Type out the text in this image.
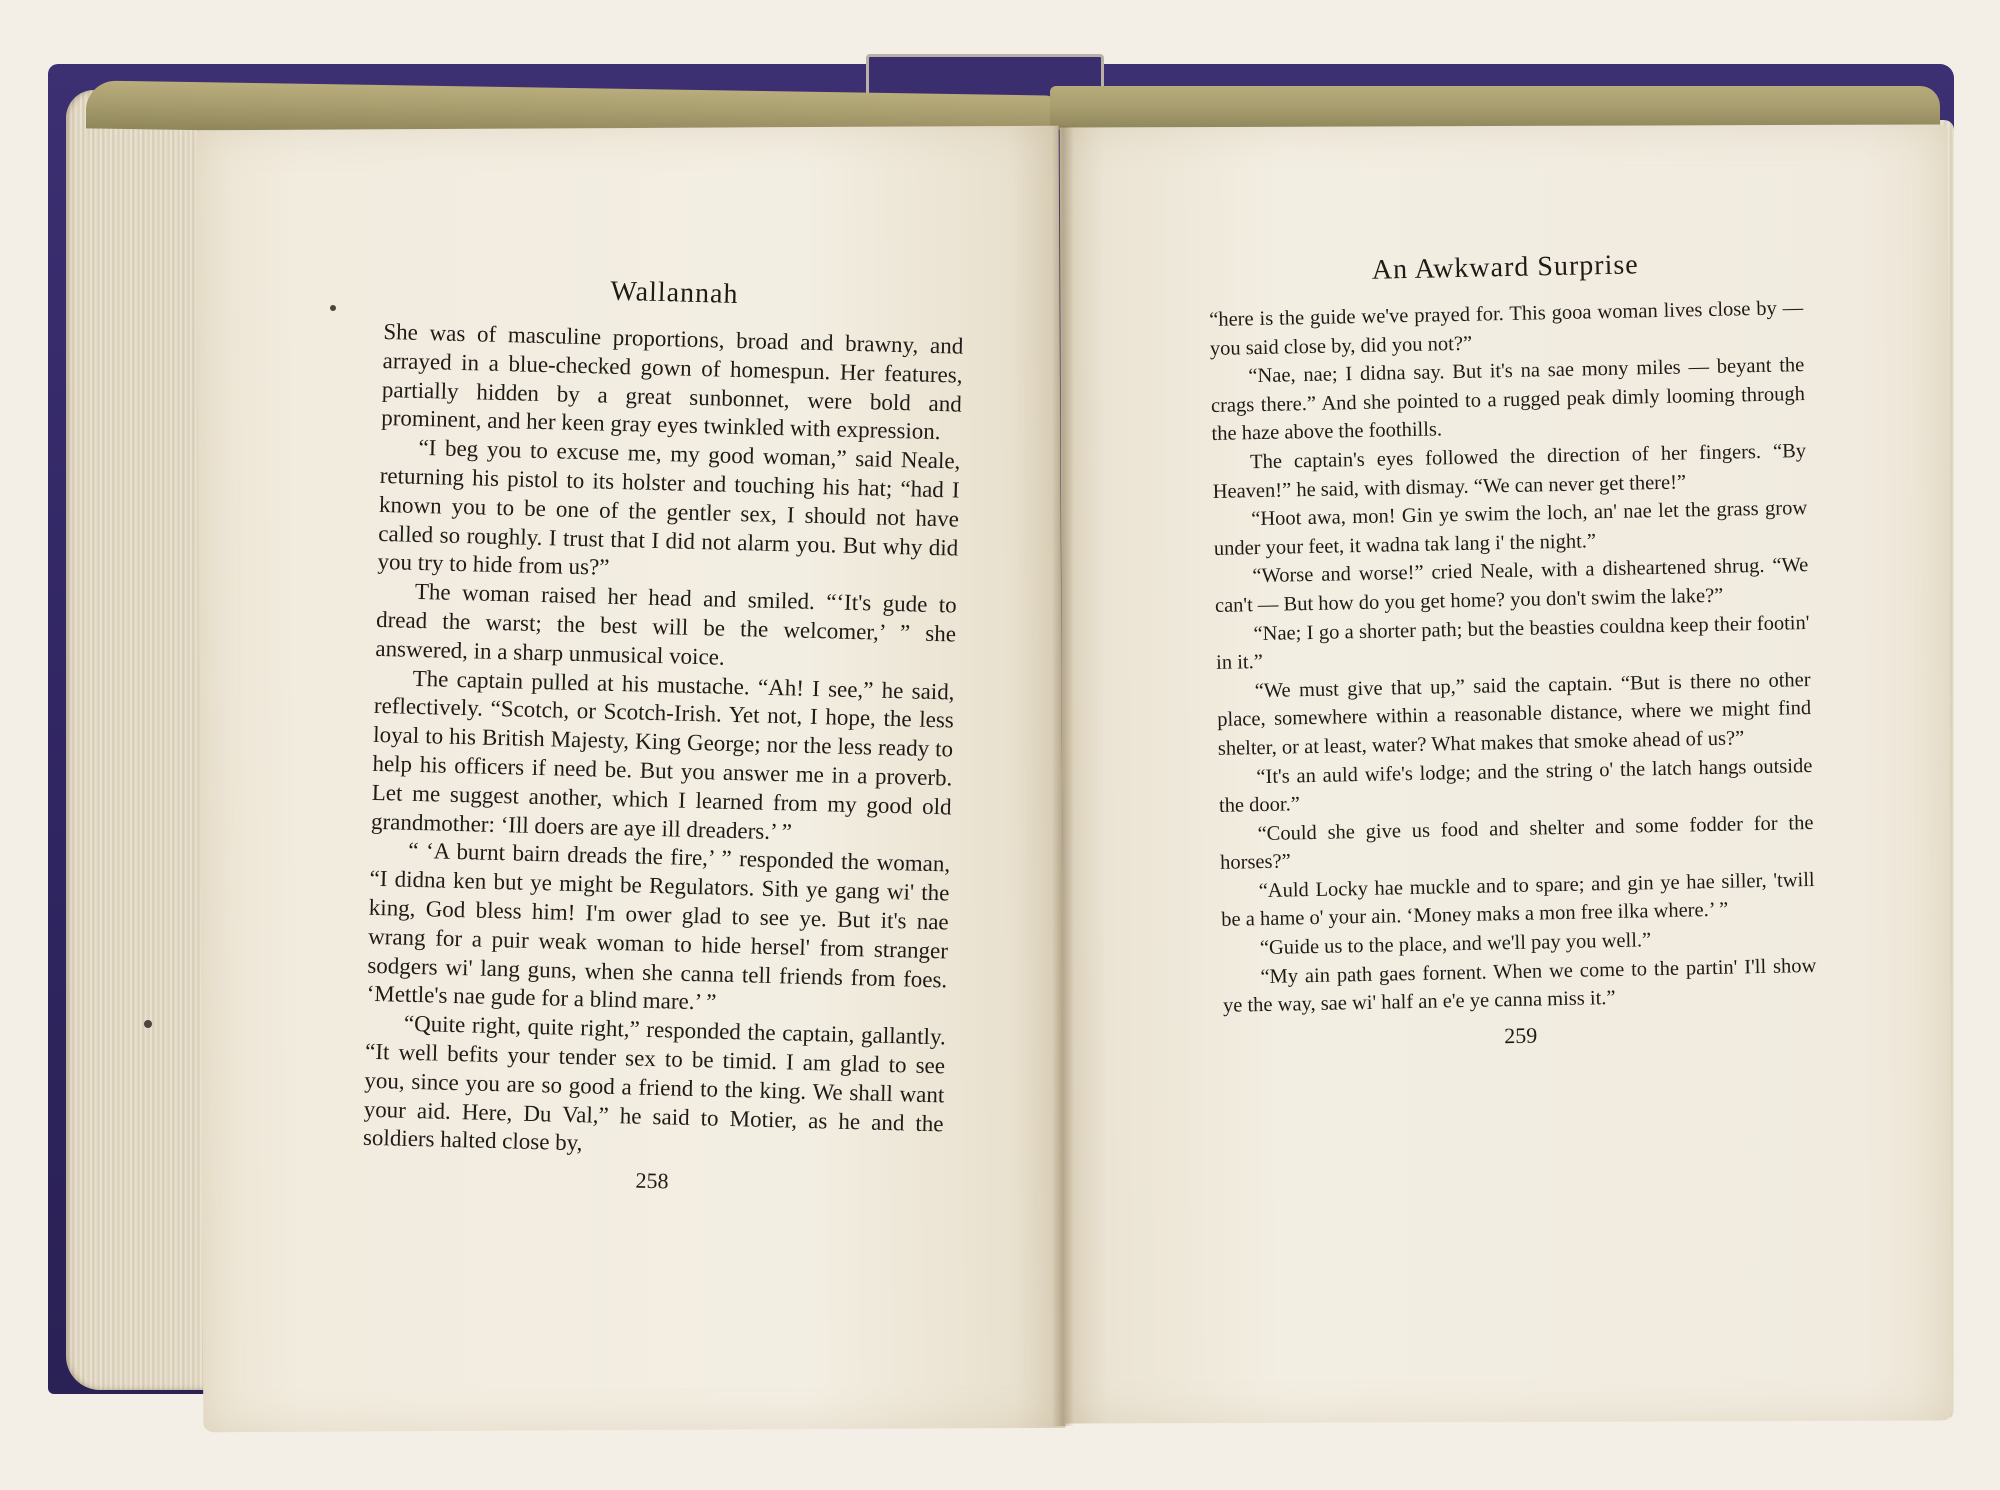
Wallannah

She was of masculine proportions, broad and brawny, and arrayed in a blue-checked gown of homespun. Her features, partially hidden by a great sunbonnet, were bold and prominent, and her keen gray eyes twinkled with expression.

“I beg you to excuse me, my good woman,” said Neale, returning his pistol to its holster and touching his hat; “had I known you to be one of the gentler sex, I should not have called so roughly. I trust that I did not alarm you. But why did you try to hide from us?”

The woman raised her head and smiled. “‘It's gude to dread the warst; the best will be the welcomer,’ ” she answered, in a sharp unmusical voice.

The captain pulled at his mustache. “Ah! I see,” he said, reflectively. “Scotch, or Scotch-Irish. Yet not, I hope, the less loyal to his British Majesty, King George; nor the less ready to help his officers if need be. But you answer me in a proverb. Let me suggest another, which I learned from my good old grandmother: ‘Ill doers are aye ill dreaders.’ ”

“ ‘A burnt bairn dreads the fire,’ ” responded the woman, “I didna ken but ye might be Regulators. Sith ye gang wi' the king, God bless him! I'm ower glad to see ye. But it's nae wrang for a puir weak woman to hide hersel' from stranger sodgers wi' lang guns, when she canna tell friends from foes. ‘Mettle's nae gude for a blind mare.’ ”

“Quite right, quite right,” responded the captain, gallantly. “It well befits your tender sex to be timid. I am glad to see you, since you are so good a friend to the king. We shall want your aid. Here, Du Val,” he said to Motier, as he and the soldiers halted close by,

258
An Awkward Surprise

“here is the guide we've prayed for. This gooa woman lives close by — you said close by, did you not?”

“Nae, nae; I didna say. But it's na sae mony miles — beyant the crags there.” And she pointed to a rugged peak dimly looming through the haze above the foothills.

The captain's eyes followed the direction of her fingers. “By Heaven!” he said, with dismay. “We can never get there!”

“Hoot awa, mon! Gin ye swim the loch, an' nae let the grass grow under your feet, it wadna tak lang i' the night.”

“Worse and worse!” cried Neale, with a disheartened shrug. “We can't — But how do you get home? you don't swim the lake?”

“Nae; I go a shorter path; but the beasties couldna keep their footin' in it.”

“We must give that up,” said the captain. “But is there no other place, somewhere within a reasonable distance, where we might find shelter, or at least, water? What makes that smoke ahead of us?”

“It's an auld wife's lodge; and the string o' the latch hangs outside the door.”

“Could she give us food and shelter and some fodder for the horses?”

“Auld Locky hae muckle and to spare; and gin ye hae siller, 'twill be a hame o' your ain. ‘Money maks a mon free ilka where.’ ”

“Guide us to the place, and we'll pay you well.”

“My ain path gaes fornent. When we come to the partin' I'll show ye the way, sae wi' half an e'e ye canna miss it.”

259
